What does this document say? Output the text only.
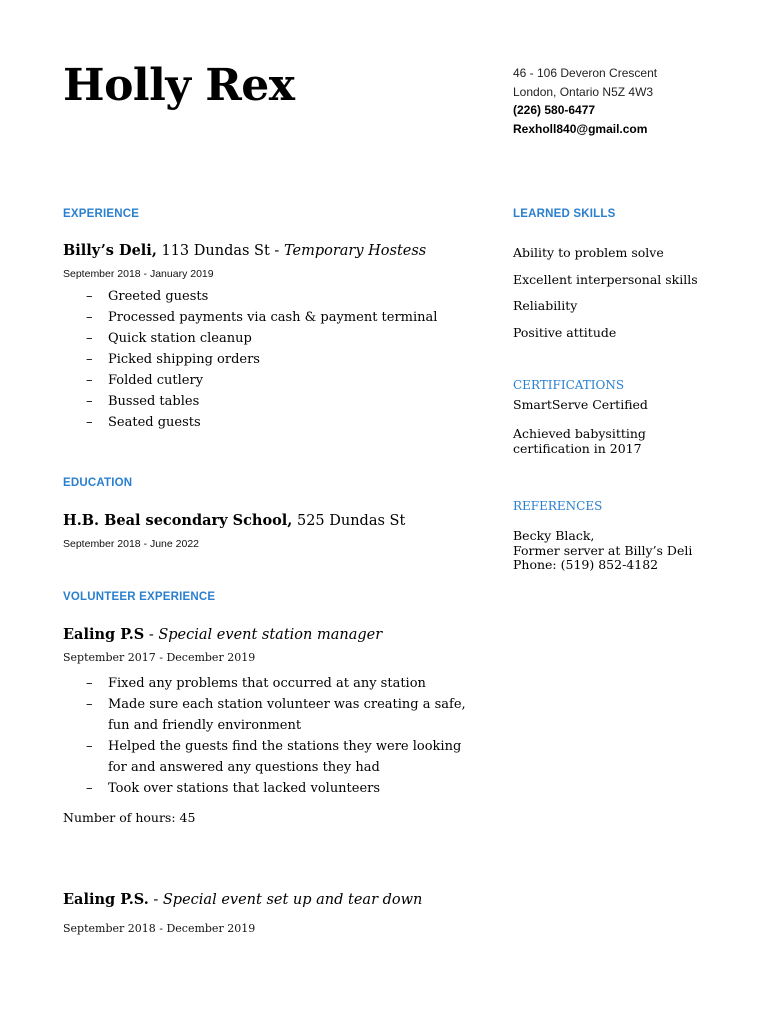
Holly Rex	46 - 106 Deveron Crescent
London, Ontario N5Z 4W3
(226) 580-6477
Rexholl840@gmail.com
EXPERIENCE
Billy’s Deli, 113 Dundas St - Temporary Hostess
September 2018 - January 2019
– Greeted guests
– Processed payments via cash & payment terminal
– Quick station cleanup
– Picked shipping orders
– Folded cutlery
– Bussed tables
– Seated guests
EDUCATION
H.B. Beal secondary School, 525 Dundas St
September 2018 - June 2022
VOLUNTEER EXPERIENCE
Ealing P.S - Special event station manager
September 2017 - December 2019
– Fixed any problems that occurred at any station
– Made sure each station volunteer was creating a safe, fun and friendly environment
– Helped the guests find the stations they were looking for and answered any questions they had
– Took over stations that lacked volunteers
Number of hours: 45
Ealing P.S. - Special event set up and tear down
September 2018 - December 2019
LEARNED SKILLS
Ability to problem solve
Excellent interpersonal skills
Reliability
Positive attitude
CERTIFICATIONS
SmartServe Certified
Achieved babysitting certification in 2017
REFERENCES
Becky Black,
Former server at Billy’s Deli
Phone: (519) 852-4182
